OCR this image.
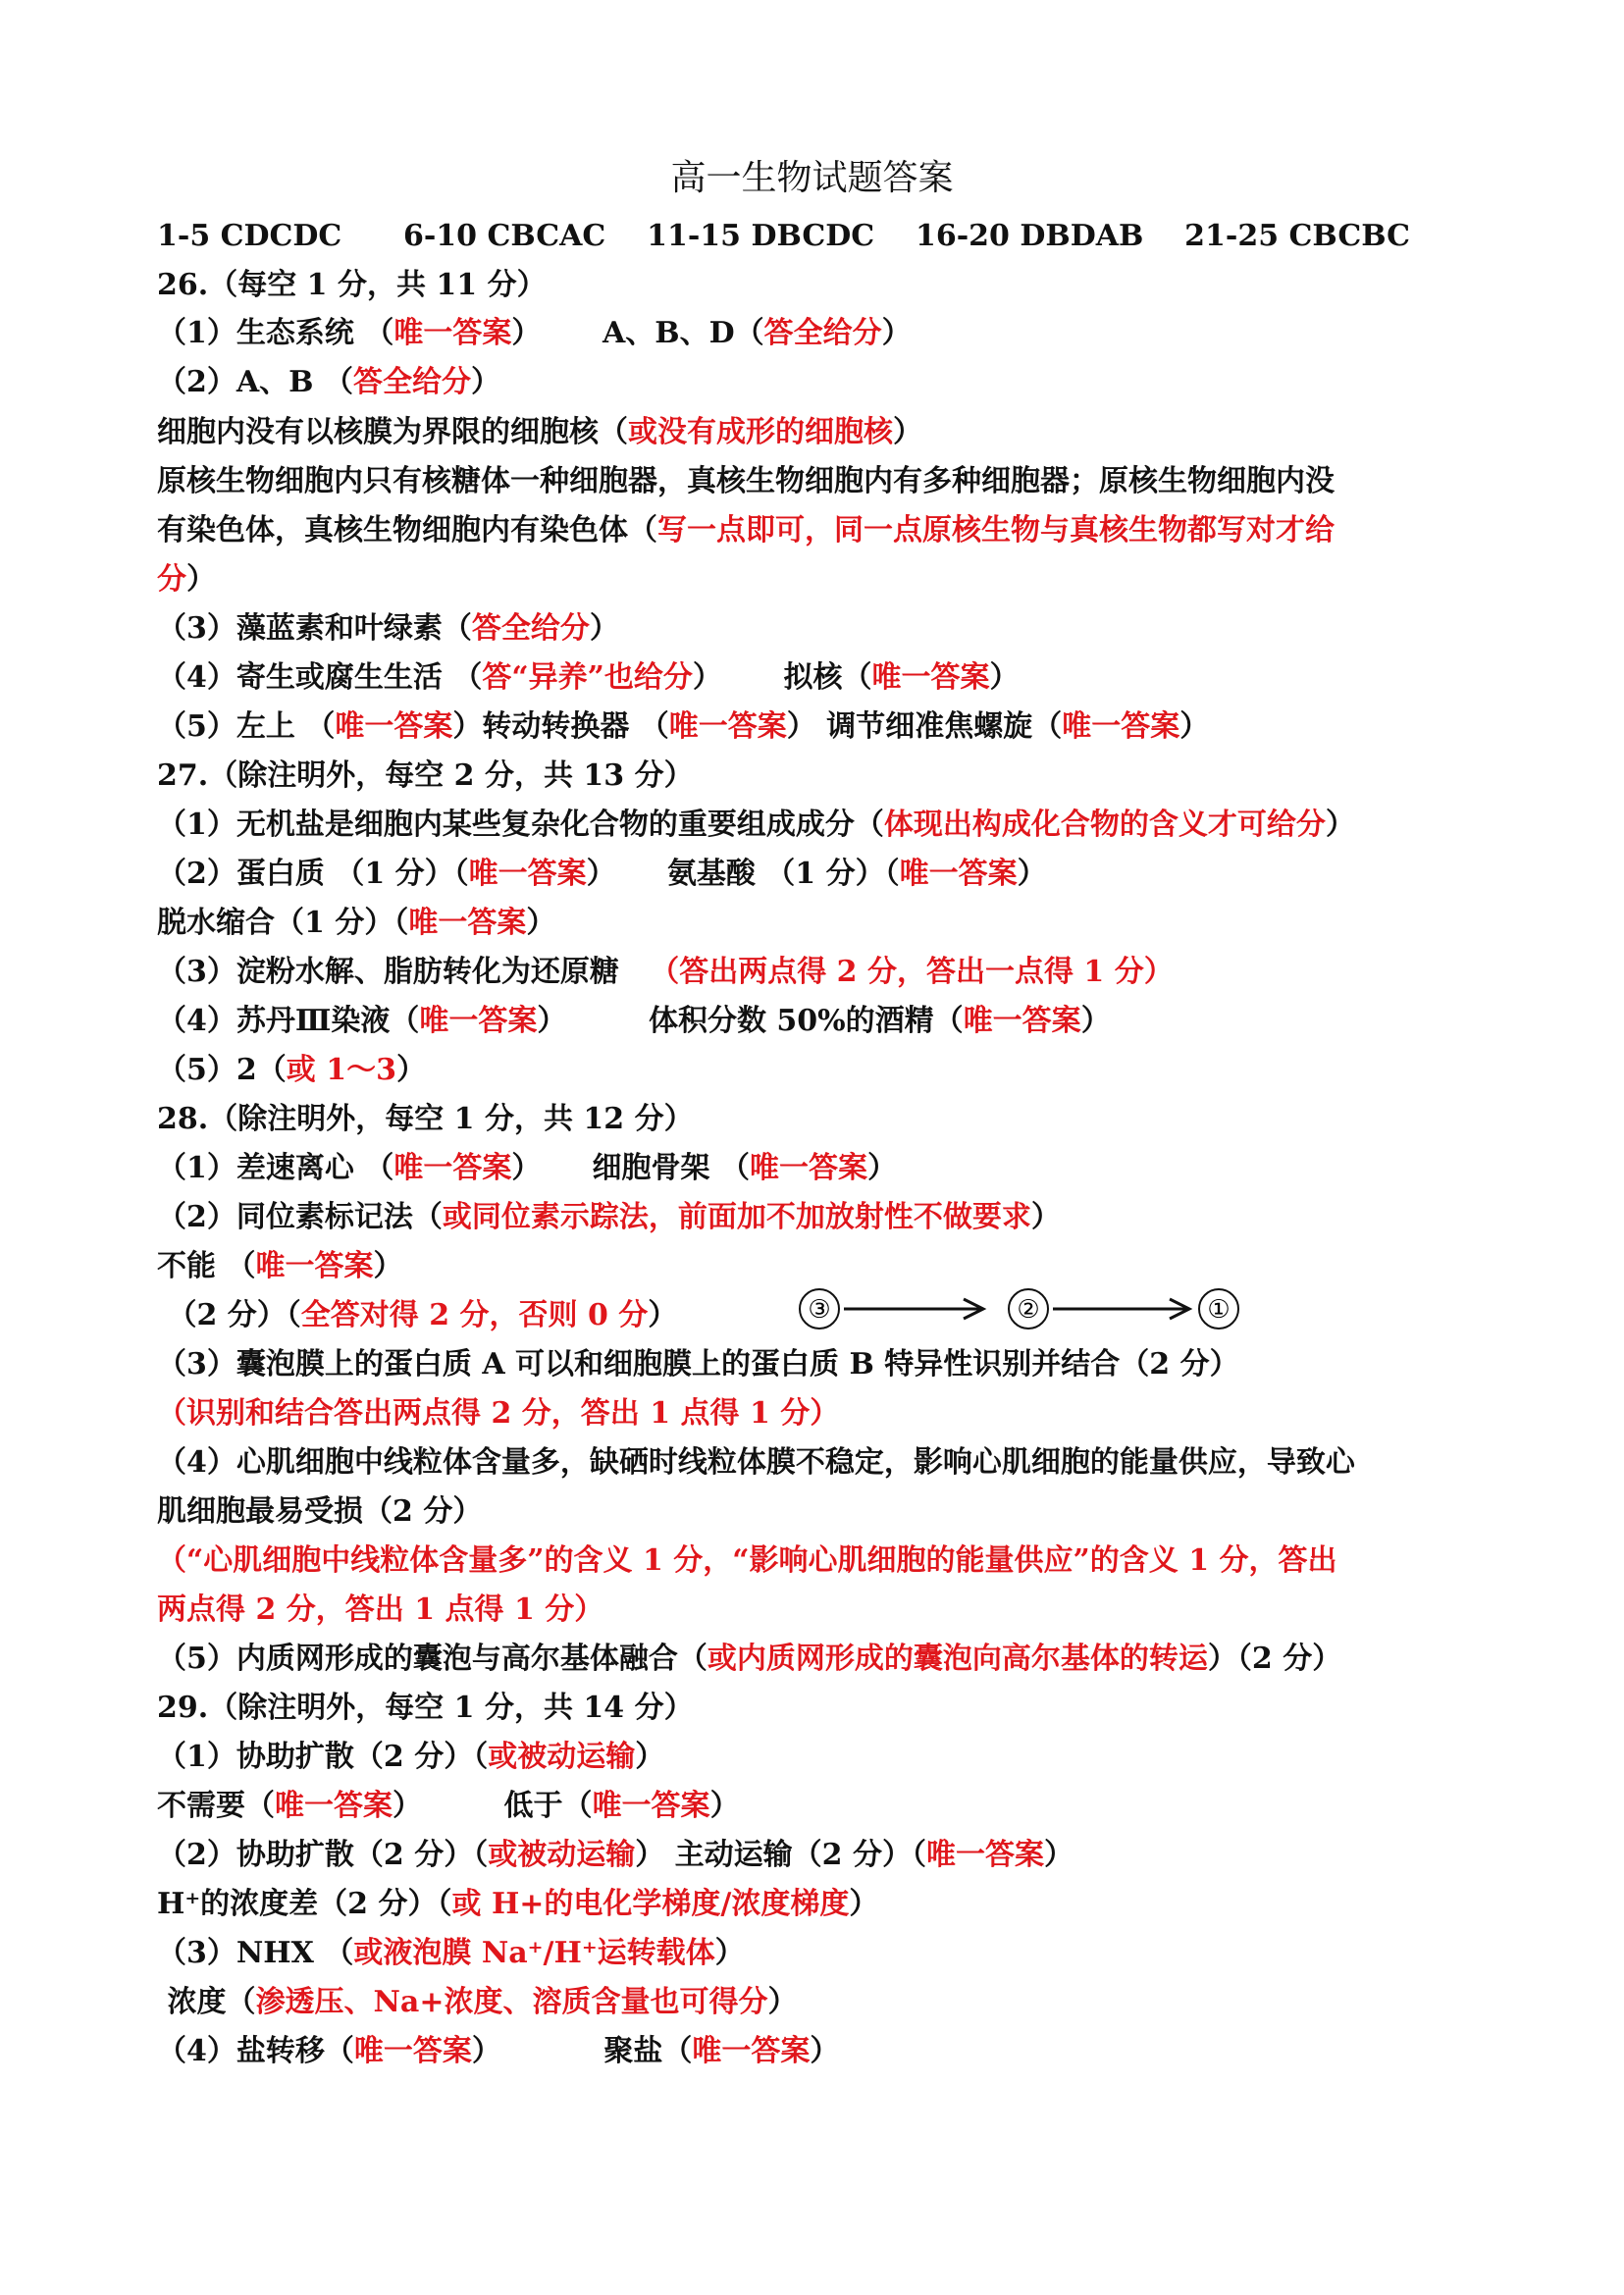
高一生物试题答案
1-5 CDCDC      6-10 CBCAC    11-15 DBCDC    16-20 DBDAB    21-25 CBCBC
26.（每空 1 分，共 11 分）
（1）生态系统 （唯一答案）      A、B、D（答全给分）
（2）A、B （答全给分）
细胞内没有以核膜为界限的细胞核（或没有成形的细胞核）
原核生物细胞内只有核糖体一种细胞器，真核生物细胞内有多种细胞器；原核生物细胞内没
有染色体，真核生物细胞内有染色体（写一点即可，同一点原核生物与真核生物都写对才给
分）
（3）藻蓝素和叶绿素（答全给分）
（4）寄生或腐生生活 （答“异养”也给分）      拟核（唯一答案）
（5）左上 （唯一答案）转动转换器 （唯一答案） 调节细准焦螺旋（唯一答案）
27.（除注明外，每空 2 分，共 13 分）
（1）无机盐是细胞内某些复杂化合物的重要组成成分（体现出构成化合物的含义才可给分）
（2）蛋白质 （1 分）（唯一答案）     氨基酸 （1 分）（唯一答案）
脱水缩合（1 分）（唯一答案）
（3）淀粉水解、脂肪转化为还原糖   （答出两点得 2 分，答出一点得 1 分）
（4）苏丹Ⅲ染液（唯一答案）        体积分数 50%的酒精（唯一答案）
（5）2（或 1～3）
28.（除注明外，每空 1 分，共 12 分）
（1）差速离心 （唯一答案）     细胞骨架 （唯一答案）
（2）同位素标记法（或同位素示踪法，前面加不加放射性不做要求）
不能 （唯一答案）
（2 分）（全答对得 2 分，否则 0 分）
（3）囊泡膜上的蛋白质 A 可以和细胞膜上的蛋白质 B 特异性识别并结合（2 分）
（识别和结合答出两点得 2 分，答出 1 点得 1 分）
（4）心肌细胞中线粒体含量多，缺硒时线粒体膜不稳定，影响心肌细胞的能量供应，导致心
肌细胞最易受损（2 分）
（“心肌细胞中线粒体含量多”的含义 1 分，“影响心肌细胞的能量供应”的含义 1 分，答出
两点得 2 分，答出 1 点得 1 分）
（5）内质网形成的囊泡与高尔基体融合（或内质网形成的囊泡向高尔基体的转运）（2 分）
29.（除注明外，每空 1 分，共 14 分）
（1）协助扩散（2 分）（或被动运输）
不需要（唯一答案）        低于（唯一答案）
（2）协助扩散（2 分）（或被动运输） 主动运输（2 分）（唯一答案）
H⁺的浓度差（2 分）（或 H+的电化学梯度/浓度梯度）
（3）NHX （或液泡膜 Na⁺/H⁺运转载体）
浓度（渗透压、Na+浓度、溶质含量也可得分）
（4）盐转移（唯一答案）          聚盐（唯一答案）
③	②	①
